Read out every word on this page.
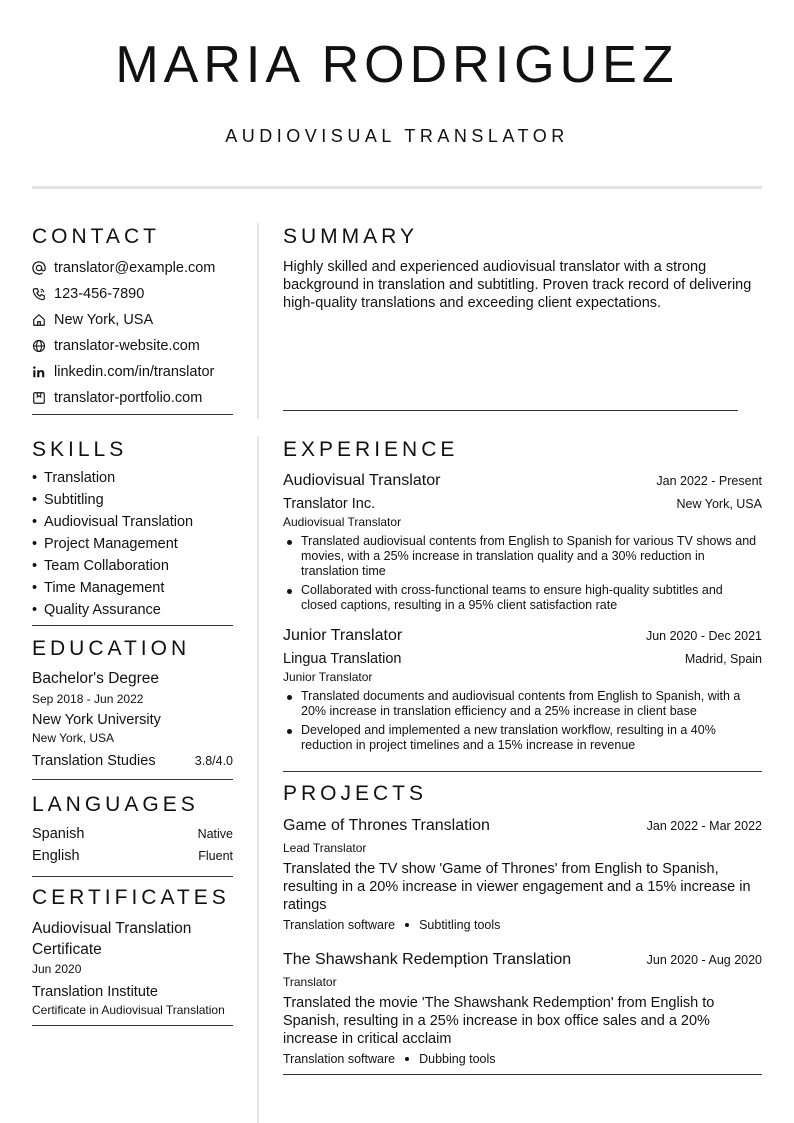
MARIA RODRIGUEZ
AUDIOVISUAL TRANSLATOR
CONTACT
translator@example.com
123-456-7890
New York, USA
translator-website.com
linkedin.com/in/translator
translator-portfolio.com
SKILLS
• Translation
• Subtitling
• Audiovisual Translation
• Project Management
• Team Collaboration
• Time Management
• Quality Assurance
EDUCATION
Bachelor's Degree
Sep 2018 - Jun 2022
New York University
New York, USA
Translation Studies	3.8/4.0
LANGUAGES
Spanish	Native
English	Fluent
CERTIFICATES
Audiovisual Translation Certificate
Jun 2020
Translation Institute
Certificate in Audiovisual Translation
SUMMARY
Highly skilled and experienced audiovisual translator with a strong background in translation and subtitling. Proven track record of delivering high-quality translations and exceeding client expectations.
EXPERIENCE
Audiovisual Translator	Jan 2022 - Present
Translator Inc.	New York, USA
Audiovisual Translator
Translated audiovisual contents from English to Spanish for various TV shows and movies, with a 25% increase in translation quality and a 30% reduction in translation time
Collaborated with cross-functional teams to ensure high-quality subtitles and closed captions, resulting in a 95% client satisfaction rate
Junior Translator	Jun 2020 - Dec 2021
Lingua Translation	Madrid, Spain
Junior Translator
Translated documents and audiovisual contents from English to Spanish, with a 20% increase in translation efficiency and a 25% increase in client base
Developed and implemented a new translation workflow, resulting in a 40% reduction in project timelines and a 15% increase in revenue
PROJECTS
Game of Thrones Translation	Jan 2022 - Mar 2022
Lead Translator
Translated the TV show 'Game of Thrones' from English to Spanish, resulting in a 20% increase in viewer engagement and a 15% increase in ratings
Translation software Subtitling tools
The Shawshank Redemption Translation	Jun 2020 - Aug 2020
Translator
Translated the movie 'The Shawshank Redemption' from English to Spanish, resulting in a 25% increase in box office sales and a 20% increase in critical acclaim
Translation software Dubbing tools
